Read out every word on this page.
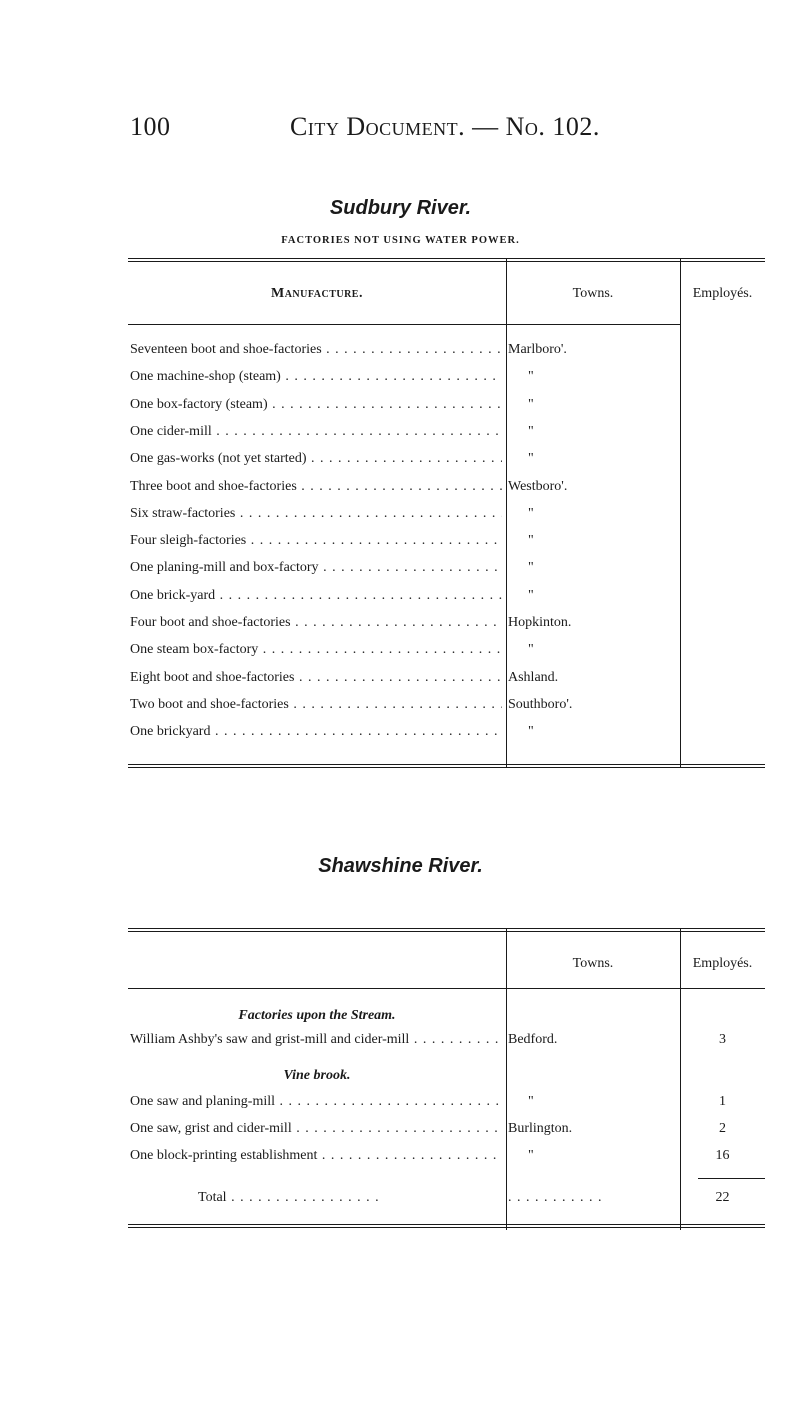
100	City Document. — No. 102.
Sudbury River.
FACTORIES NOT USING WATER POWER.
Manufacture.	Towns.	Employés.
Seventeen boot and shoe-factories . . .	Marlboro'.
One machine-shop (steam) . . .	"
One box-factory (steam) . . .	"
One cider-mill . . .	"
One gas-works (not yet started) . . .	"
Three boot and shoe-factories . . .	Westboro'.
Six straw-factories . . .	"
Four sleigh-factories . . .	"
One planing-mill and box-factory . . .	"
One brick-yard . . .	"
Four boot and shoe-factories . . .	Hopkinton.
One steam box-factory . . .	"
Eight boot and shoe-factories . . .	Ashland.
Two boot and shoe-factories . . .	Southboro'.
One brickyard . . .	"
Shawshine River.
Towns.	Employés.
Factories upon the Stream.
William Ashby's saw and grist-mill and cider-mill . . .	Bedford.	3
Vine brook.
One saw and planing-mill . . .	"	1
One saw, grist and cider-mill . . .	Burlington.	2
One block-printing establishment . . .	"	16
Total . . .	. . . . . . . . . . .	22
